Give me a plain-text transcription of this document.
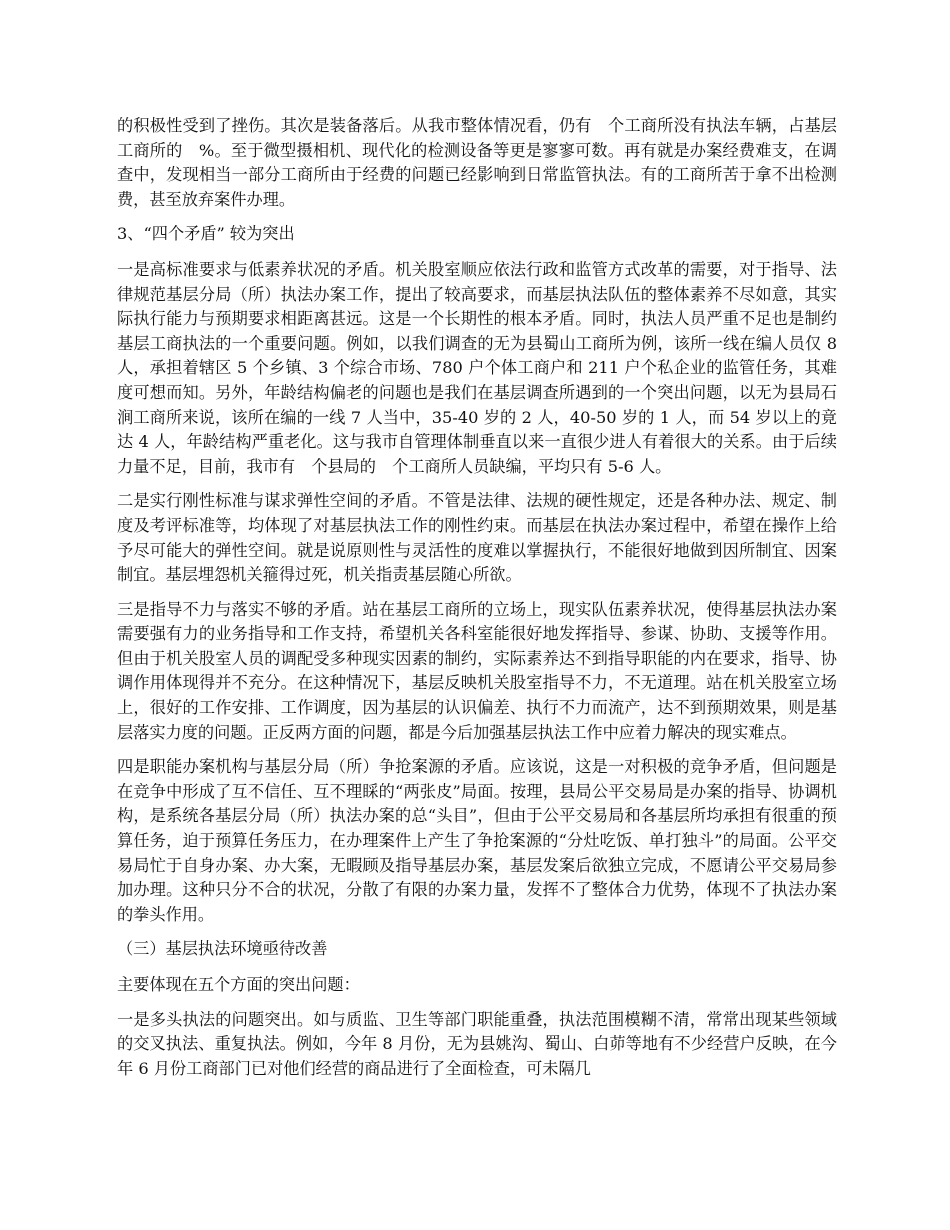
的积极性受到了挫伤。其次是装备落后。从我市整体情况看，仍有　个工商所没有执法车辆，占基层工商所的　%。至于微型摄相机、现代化的检测设备等更是寥寥可数。再有就是办案经费难支，在调查中，发现相当一部分工商所由于经费的问题已经影响到日常监管执法。有的工商所苦于拿不出检测费，甚至放弃案件办理。

3、“四个矛盾” 较为突出

一是高标准要求与低素养状况的矛盾。机关股室顺应依法行政和监管方式改革的需要，对于指导、法律规范基层分局（所）执法办案工作，提出了较高要求，而基层执法队伍的整体素养不尽如意，其实际执行能力与预期要求相距离甚远。这是一个长期性的根本矛盾。同时，执法人员严重不足也是制约基层工商执法的一个重要问题。例如，以我们调查的无为县蜀山工商所为例，该所一线在编人员仅 8 人，承担着辖区 5 个乡镇、3 个综合市场、780 户个体工商户和 211 户个私企业的监管任务，其难度可想而知。另外，年龄结构偏老的问题也是我们在基层调查所遇到的一个突出问题，以无为县局石涧工商所来说，该所在编的一线 7 人当中，35-40 岁的 2 人，40-50 岁的 1 人，而 54 岁以上的竟达 4 人，年龄结构严重老化。这与我市自管理体制垂直以来一直很少进人有着很大的关系。由于后续力量不足，目前，我市有　个县局的　个工商所人员缺编，平均只有 5-6 人。

二是实行刚性标准与谋求弹性空间的矛盾。不管是法律、法规的硬性规定，还是各种办法、规定、制度及考评标准等，均体现了对基层执法工作的刚性约束。而基层在执法办案过程中，希望在操作上给予尽可能大的弹性空间。就是说原则性与灵活性的度难以掌握执行，不能很好地做到因所制宜、因案制宜。基层埋怨机关箍得过死，机关指责基层随心所欲。

三是指导不力与落实不够的矛盾。站在基层工商所的立场上，现实队伍素养状况，使得基层执法办案需要强有力的业务指导和工作支持，希望机关各科室能很好地发挥指导、参谋、协助、支援等作用。但由于机关股室人员的调配受多种现实因素的制约，实际素养达不到指导职能的内在要求，指导、协调作用体现得并不充分。在这种情况下，基层反映机关股室指导不力，不无道理。站在机关股室立场上，很好的工作安排、工作调度，因为基层的认识偏差、执行不力而流产，达不到预期效果，则是基层落实力度的问题。正反两方面的问题，都是今后加强基层执法工作中应着力解决的现实难点。

四是职能办案机构与基层分局（所）争抢案源的矛盾。应该说，这是一对积极的竞争矛盾，但问题是在竞争中形成了互不信任、互不理睬的“两张皮”局面。按理，县局公平交易局是办案的指导、协调机构，是系统各基层分局（所）执法办案的总“头目”，但由于公平交易局和各基层所均承担有很重的预算任务，迫于预算任务压力，在办理案件上产生了争抢案源的“分灶吃饭、单打独斗”的局面。公平交易局忙于自身办案、办大案，无暇顾及指导基层办案，基层发案后欲独立完成，不愿请公平交易局参加办理。这种只分不合的状况，分散了有限的办案力量，发挥不了整体合力优势，体现不了执法办案的拳头作用。

（三）基层执法环境亟待改善

主要体现在五个方面的突出问题：

一是多头执法的问题突出。如与质监、卫生等部门职能重叠，执法范围模糊不清，常常出现某些领域的交叉执法、重复执法。例如，今年 8 月份，无为县姚沟、蜀山、白茆等地有不少经营户反映，在今年 6 月份工商部门已对他们经营的商品进行了全面检查，可未隔几
